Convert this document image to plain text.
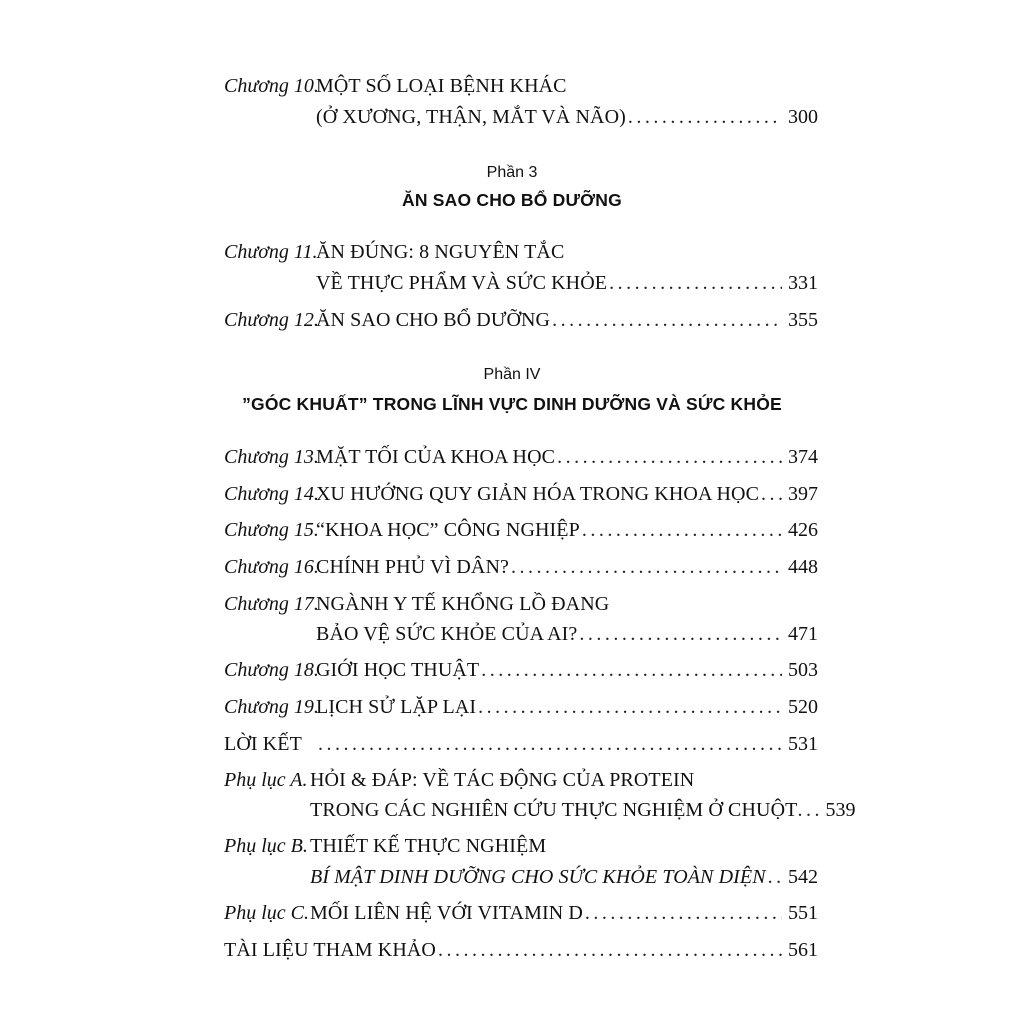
Chương 10.
MỘT SỐ LOẠI BỆNH KHÁC
(Ở XƯƠNG, THẬN, MẮT VÀ NÃO) . . .	300
Phần 3
ĂN SAO CHO BỔ DƯỠNG
Chương 11.
ĂN ĐÚNG: 8 NGUYÊN TẮC
VỀ THỰC PHẨM VÀ SỨC KHỎE . . .	331
Chương 12.
ĂN SAO CHO BỔ DƯỠNG . . .	355
Phần IV
”GÓC KHUẤT” TRONG LĨNH VỰC DINH DƯỠNG VÀ SỨC KHỎE
Chương 13.
MẶT TỐI CỦA KHOA HỌC . . .	374
Chương 14.
XU HƯỚNG QUY GIẢN HÓA TRONG KHOA HỌC . . . 397
Chương 15.
“KHOA HỌC” CÔNG NGHIỆP . . .	426
Chương 16.
CHÍNH PHỦ VÌ DÂN? . . .	448
Chương 17.
NGÀNH Y TẾ KHỔNG LỒ ĐANG
BẢO VỆ SỨC KHỎE CỦA AI? . . .	471
Chương 18.
GIỚI HỌC THUẬT . . .	503
Chương 19.
LỊCH SỬ LẶP LẠI . . .	520
LỜI KẾT . . .	531
Phụ lục A. HỎI & ĐÁP: VỀ TÁC ĐỘNG CỦA PROTEIN
TRONG CÁC NGHIÊN CỨU THỰC NGHIỆM Ở CHUỘT . . . 539
Phụ lục B. THIẾT KẾ THỰC NGHIỆM
BÍ MẬT DINH DƯỠNG CHO SỨC KHỎE TOÀN DIỆN . . . 542
Phụ lục C. MỐI LIÊN HỆ VỚI VITAMIN D . . .	551
TÀI LIỆU THAM KHẢO . . .	561
